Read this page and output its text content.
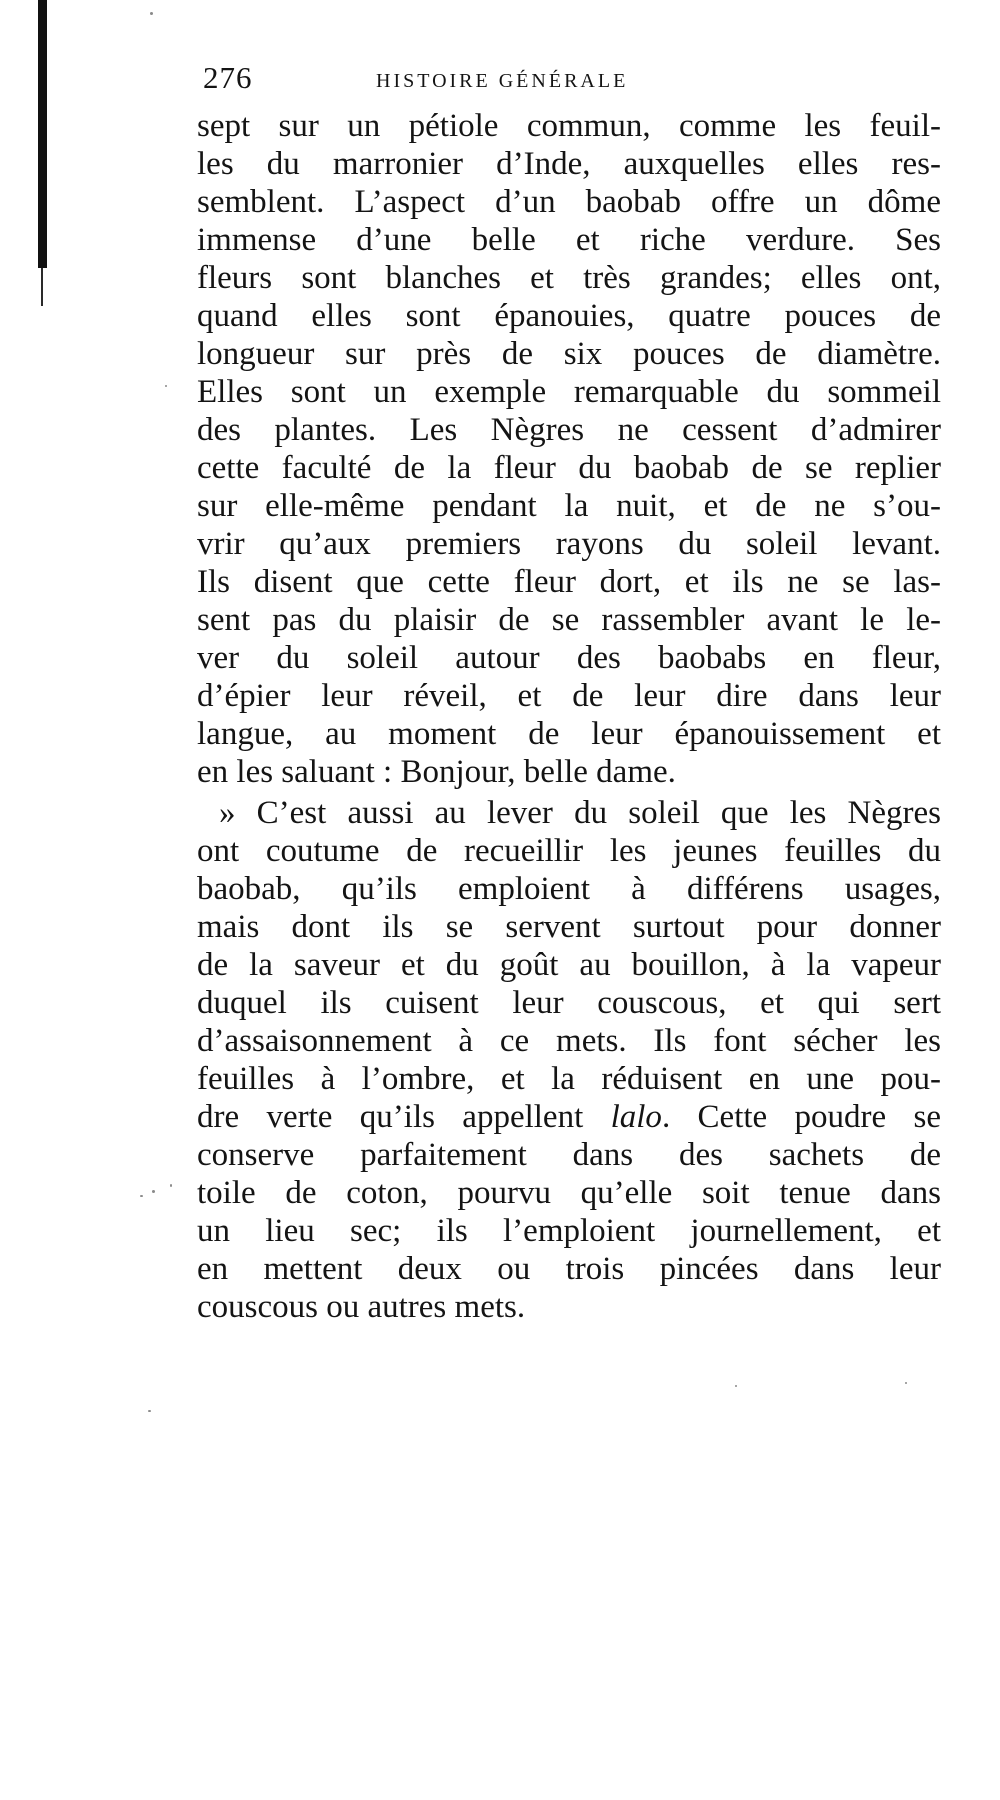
276	HISTOIRE GÉNÉRALE
sept sur un pétiole commun, comme les feuil-
les du marronier d’Inde, auxquelles elles res-
semblent. L’aspect d’un baobab offre un dôme
immense d’une belle et riche verdure. Ses
fleurs sont blanches et très grandes; elles ont,
quand elles sont épanouies, quatre pouces de
longueur sur près de six pouces de diamètre.
Elles sont un exemple remarquable du sommeil
des plantes. Les Nègres ne cessent d’admirer
cette faculté de la fleur du baobab de se replier
sur elle-même pendant la nuit, et de ne s’ou-
vrir qu’aux premiers rayons du soleil levant.
Ils disent que cette fleur dort, et ils ne se las-
sent pas du plaisir de se rassembler avant le le-
ver du soleil autour des baobabs en fleur,
d’épier leur réveil, et de leur dire dans leur
langue, au moment de leur épanouissement et
en les saluant : Bonjour, belle dame.
» C’est aussi au lever du soleil que les Nègres
ont coutume de recueillir les jeunes feuilles du
baobab, qu’ils emploient à différens usages,
mais dont ils se servent surtout pour donner
de la saveur et du goût au bouillon, à la vapeur
duquel ils cuisent leur couscous, et qui sert
d’assaisonnement à ce mets. Ils font sécher les
feuilles à l’ombre, et la réduisent en une pou-
dre verte qu’ils appellent lalo. Cette poudre se
conserve parfaitement dans des sachets de
toile de coton, pourvu qu’elle soit tenue dans
un lieu sec; ils l’emploient journellement, et
en mettent deux ou trois pincées dans leur
couscous ou autres mets.
